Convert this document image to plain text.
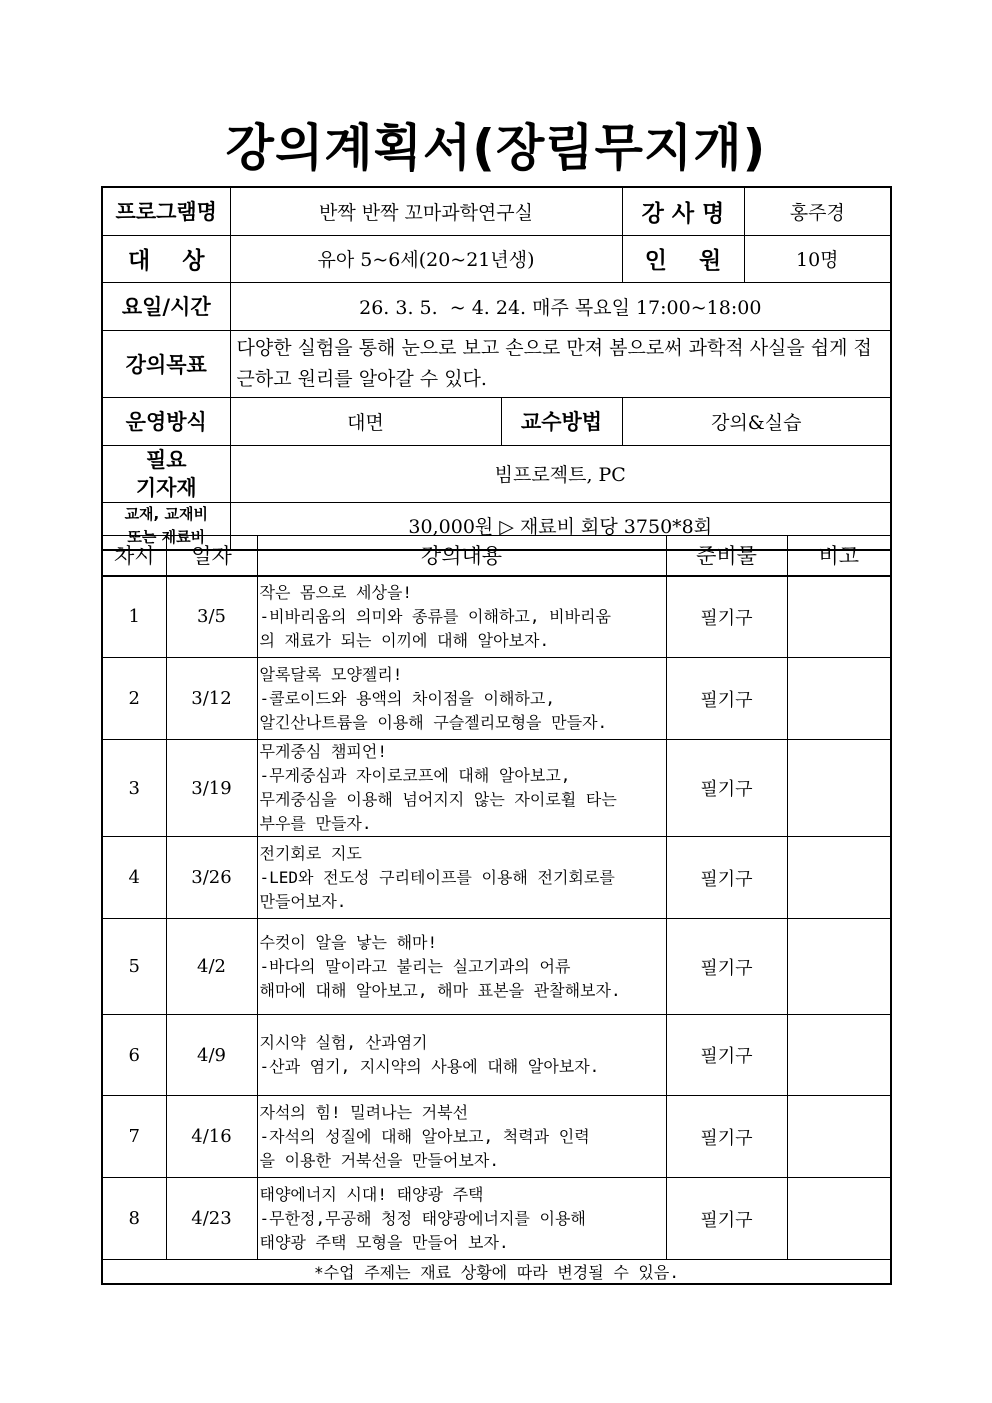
강의계획서(장림무지개)
프로그램명	반짝 반짝 꼬마과학연구실		강 사 명	홍주경
대    상	유아 5~6세(20~21년생)		인    원	10명
요일/시간	26. 3. 5.  ~ 4. 24. 매주 목요일 17:00~18:00			
강의목표	다양한 실험을 통해 눈으로 보고 손으로 만져 봄으로써 과학적 사실을 쉽게 접근하고 원리를 알아갈 수 있다.			
운영방식	대면	교수방법	강의&실습	

필요
기자재	빔프로젝트, PC			

교재, 교재비
또는 재료비	30,000원 ▷ 재료비 회당 3750*8회			
차시	일자	강의내용	준비물	비고
1	3/5	작은 몸으로 세상을!
-비바리움의 의미와 종류를 이해하고, 비바리움
의 재료가 되는 이끼에 대해 알아보자.	필기구	
2	3/12	알록달록 모양젤리!
-콜로이드와 용액의 차이점을 이해하고,
알긴산나트륨을 이용해 구슬젤리모형을 만들자.	필기구	
3	3/19	무게중심 챔피언!
-무게중심과 자이로코프에 대해 알아보고,
무게중심을 이용해 넘어지지 않는 자이로휠 타는
부우를 만들자.	필기구	
4	3/26	전기회로 지도
-LED와 전도성 구리테이프를 이용해 전기회로를
만들어보자.	필기구	
5	4/2	수컷이 알을 낳는 해마!
-바다의 말이라고 불리는 실고기과의 어류
해마에 대해 알아보고, 해마 표본을 관찰해보자.	필기구	
6	4/9	지시약 실험, 산과염기
-산과 염기, 지시약의 사용에 대해 알아보자.	필기구	
7	4/16	자석의 힘! 밀려나는 거북선
-자석의 성질에 대해 알아보고, 척력과 인력
을 이용한 거북선을 만들어보자.	필기구	
8	4/23	태양에너지 시대! 태양광 주택
-무한정,무공해 청정 태양광에너지를 이용해
태양광 주택 모형을 만들어 보자.	필기구	
*수업 주제는 재료 상황에 따라 변경될 수 있음.				
